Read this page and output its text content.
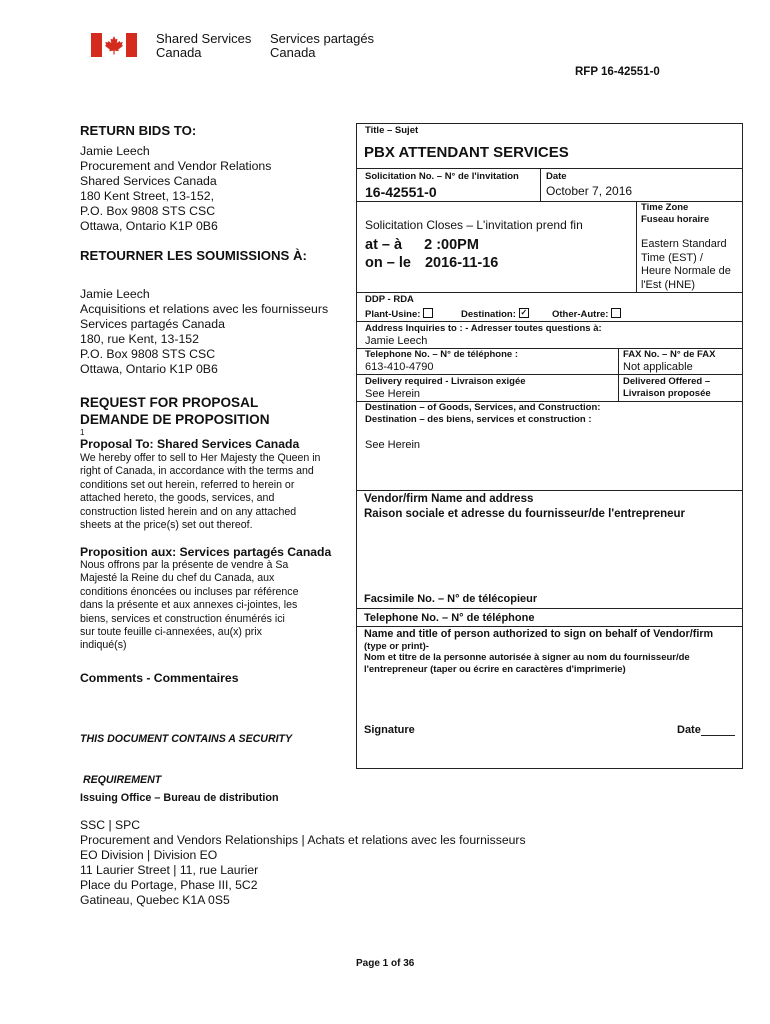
Shared Services
Canada
Services partagés
Canada
RFP 16-42551-0
RETURN BIDS TO:
Jamie Leech
Procurement and Vendor Relations
Shared Services Canada
180 Kent Street, 13-152,
P.O. Box 9808 STS CSC
Ottawa, Ontario K1P 0B6
RETOURNER LES SOUMISSIONS À:
Jamie Leech
Acquisitions et relations avec les fournisseurs
Services partagés Canada
180, rue Kent, 13-152
P.O. Box 9808 STS CSC
Ottawa, Ontario K1P 0B6
REQUEST FOR PROPOSAL
DEMANDE DE PROPOSITION
1
Proposal To: Shared Services Canada
We hereby offer to sell to Her Majesty the Queen in
right of Canada, in accordance with the terms and
conditions set out herein, referred to herein or
attached hereto, the goods, services, and
construction listed herein and on any attached
sheets at the price(s) set out thereof.
Proposition aux: Services partagés Canada
Nous offrons par la présente de vendre à Sa
Majesté la Reine du chef du Canada, aux
conditions énoncées ou incluses par référence
dans la présente et aux annexes ci-jointes, les
biens, services et construction énumérés ici
sur toute feuille ci-annexées, au(x) prix
indiqué(s)
Comments - Commentaires

THIS DOCUMENT CONTAINS A SECURITY

REQUIREMENT

Title – Sujet
PBX ATTENDANT SERVICES
Solicitation No. – N° de l'invitation
16-42551-0
Date
October 7, 2016
Solicitation Closes – L'invitation prend fin
at – à 2 :00PM
on – le 2016-11-16
Time Zone
Fuseau horaire
Eastern Standard
Time (EST) /
Heure Normale de
l'Est (HNE)
DDP - RDA
Plant-Usine:	Destination: ✓	Other-Autre:
Address Inquiries to : - Adresser toutes questions à:
Jamie Leech
Telephone No. – N° de téléphone :
613-410-4790
FAX No. – N° de FAX
Not applicable
Delivery required - Livraison exigée
See Herein
Delivered Offered –
Livraison proposée
Destination – of Goods, Services, and Construction:
Destination – des biens, services et construction :
See Herein
Vendor/firm Name and address
Raison sociale et adresse du fournisseur/de l'entrepreneur
Facsimile No. – N° de télécopieur
Telephone No. – N° de téléphone
Name and title of person authorized to sign on behalf of Vendor/firm
(type or print)-
Nom et titre de la personne autorisée à signer au nom du fournisseur/de
l'entrepreneur (taper ou écrire en caractères d'imprimerie)
Signature	Date
Issuing Office – Bureau de distribution
SSC | SPC
Procurement and Vendors Relationships | Achats et relations avec les fournisseurs
EO Division | Division EO
11 Laurier Street | 11, rue Laurier
Place du Portage, Phase III, 5C2
Gatineau, Quebec K1A 0S5
Page 1 of 36
